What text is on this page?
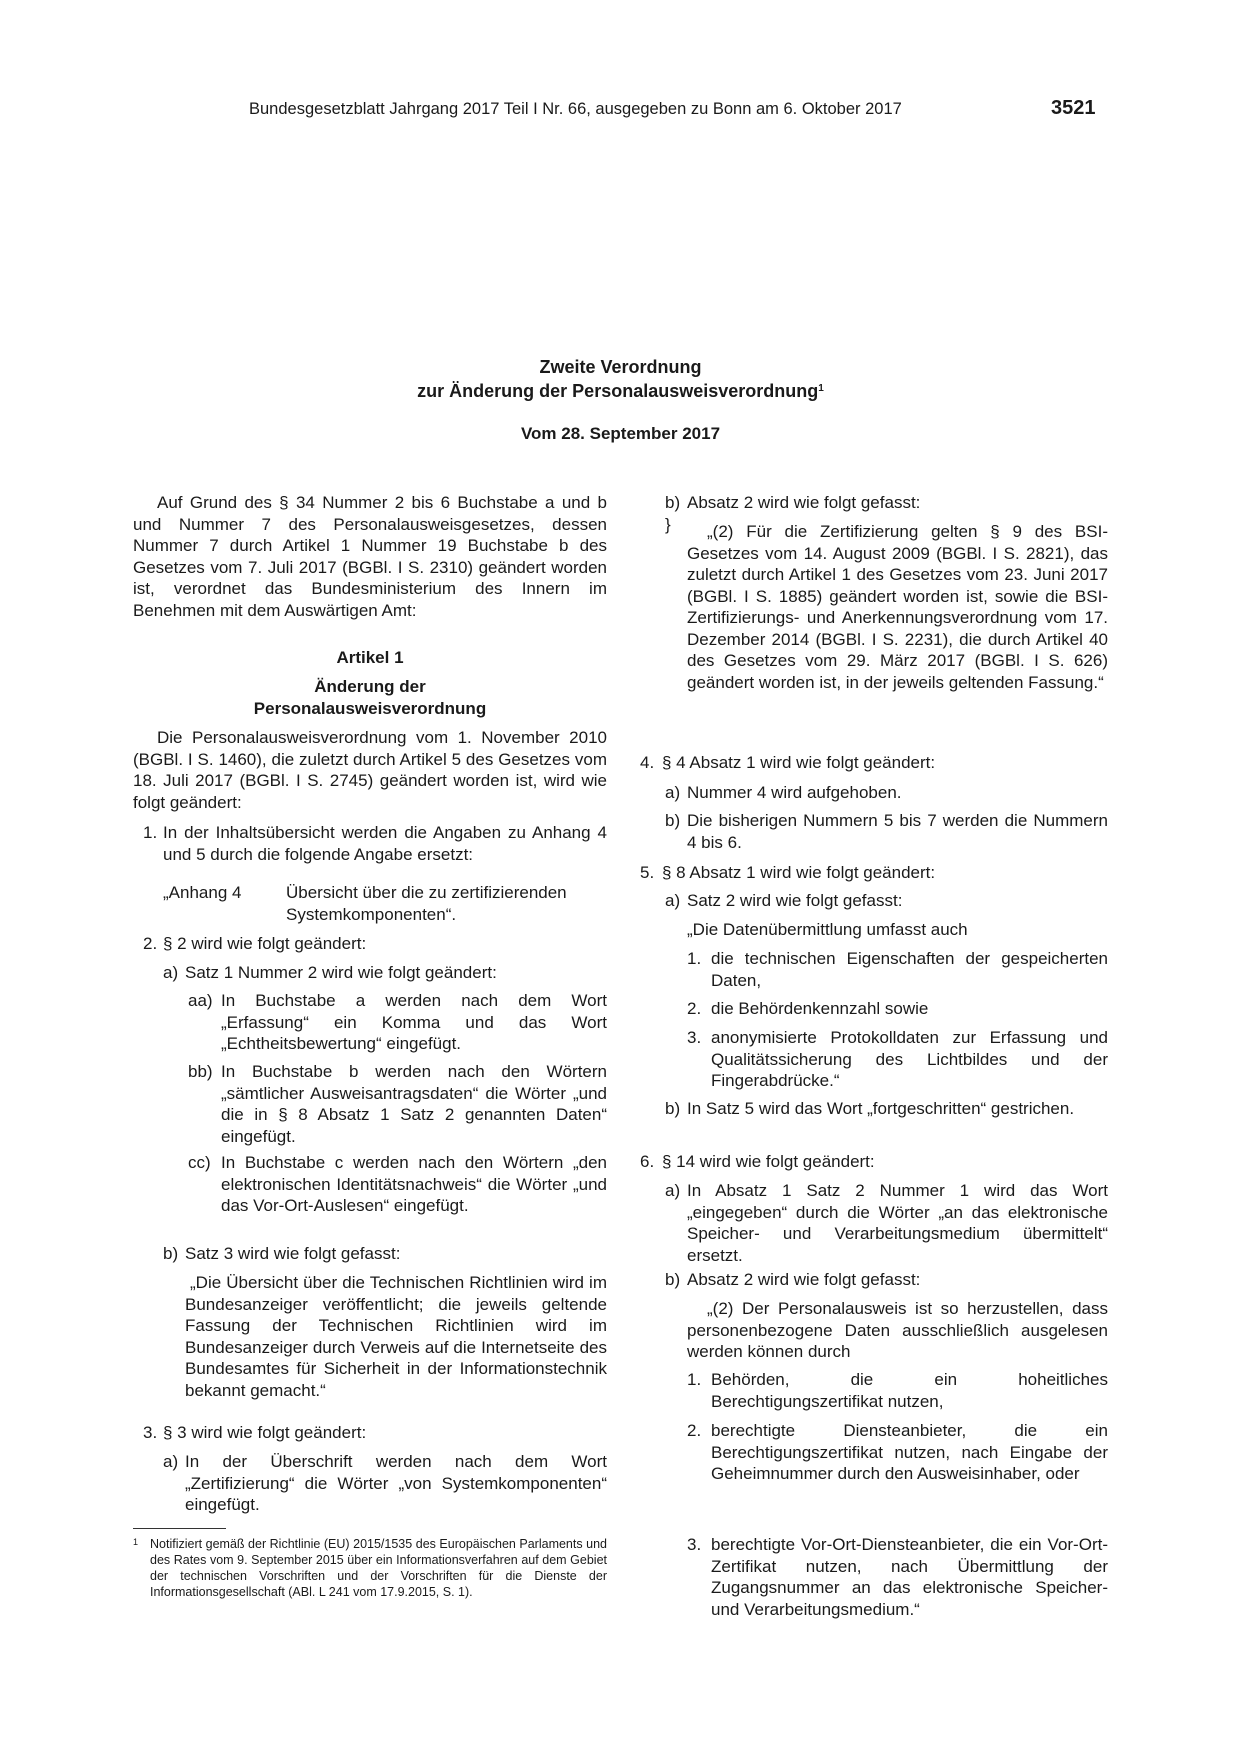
Bundesgesetzblatt Jahrgang 2017 Teil I Nr. 66, ausgegeben zu Bonn am 6. Oktober 2017	3521
Zweite Verordnung
zur Änderung der Personalausweisverordnung$^1$
Vom 28. September 2017

Auf Grund des § 34 Nummer 2 bis 6 Buchstabe a und b und Nummer 7 des Personalausweisgesetzes, dessen Nummer 7 durch Artikel 1 Nummer 19 Buchstabe b des Gesetzes vom 7. Juli 2017 (BGBl. I S. 2310) geändert worden ist, verordnet das Bundesministerium des Innern im Benehmen mit dem Auswärtigen Amt:

Artikel 1
Änderung der
Personalausweisverordnung

Die Personalausweisverordnung vom 1. November 2010 (BGBl. I S. 1460), die zuletzt durch Artikel 5 des Gesetzes vom 18. Juli 2017 (BGBl. I S. 2745) geändert worden ist, wird wie folgt geändert:

1. In der Inhaltsübersicht werden die Angaben zu Anhang 4 und 5 durch die folgende Angabe ersetzt:
„Anhang 4	Übersicht über die zu zertifizierenden Systemkomponenten“.
2. § 2 wird wie folgt geändert:
a) Satz 1 Nummer 2 wird wie folgt geändert:
aa) In Buchstabe a werden nach dem Wort „Erfassung“ ein Komma und das Wort „Echtheitsbewertung“ eingefügt.
bb) In Buchstabe b werden nach den Wörtern „sämtlicher Ausweisantragsdaten“ die Wörter „und die in § 8 Absatz 1 Satz 2 genannten Daten“ eingefügt.
cc) In Buchstabe c werden nach den Wörtern „den elektronischen Identitätsnachweis“ die Wörter „und das Vor-Ort-Auslesen“ eingefügt.
b) Satz 3 wird wie folgt gefasst:
„Die Übersicht über die Technischen Richtlinien wird im Bundesanzeiger veröffentlicht; die jeweils geltende Fassung der Technischen Richtlinien wird im Bundesanzeiger durch Verweis auf die Internetseite des Bundesamtes für Sicherheit in der Informationstechnik bekannt gemacht.“
3. § 3 wird wie folgt geändert:
a) In der Überschrift werden nach dem Wort „Zertifizierung“ die Wörter „von Systemkomponenten“ eingefügt.
1 Notifiziert gemäß der Richtlinie (EU) 2015/1535 des Europäischen Parlaments und des Rates vom 9. September 2015 über ein Informationsverfahren auf dem Gebiet der technischen Vorschriften und der Vorschriften für die Dienste der Informationsgesellschaft (ABl. L 241 vom 17.9.2015, S. 1).
b) Absatz 2 wird wie folgt gefasst:
}	„(2) Für die Zertifizierung gelten § 9 des BSI-Gesetzes vom 14. August 2009 (BGBl. I S. 2821), das zuletzt durch Artikel 1 des Gesetzes vom 23. Juni 2017 (BGBl. I S. 1885) geändert worden ist, sowie die BSI-Zertifizierungs- und Anerkennungsverordnung vom 17. Dezember 2014 (BGBl. I S. 2231), die durch Artikel 40 des Gesetzes vom 29. März 2017 (BGBl. I S. 626) geändert worden ist, in der jeweils geltenden Fassung.“
4. § 4 Absatz 1 wird wie folgt geändert:
a) Nummer 4 wird aufgehoben.
b) Die bisherigen Nummern 5 bis 7 werden die Nummern 4 bis 6.
5. § 8 Absatz 1 wird wie folgt geändert:
a) Satz 2 wird wie folgt gefasst:
„Die Datenübermittlung umfasst auch
1. die technischen Eigenschaften der gespeicherten Daten,
2. die Behördenkennzahl sowie
3. anonymisierte Protokolldaten zur Erfassung und Qualitätssicherung des Lichtbildes und der Fingerabdrücke.“
b) In Satz 5 wird das Wort „fortgeschritten“ gestrichen.
6. § 14 wird wie folgt geändert:
a) In Absatz 1 Satz 2 Nummer 1 wird das Wort „eingegeben“ durch die Wörter „an das elektronische Speicher- und Verarbeitungsmedium übermittelt“ ersetzt.
b) Absatz 2 wird wie folgt gefasst:
„(2) Der Personalausweis ist so herzustellen, dass personenbezogene Daten ausschließlich ausgelesen werden können durch
1. Behörden, die ein hoheitliches Berechtigungszertifikat nutzen,
2. berechtigte Diensteanbieter, die ein Berechtigungszertifikat nutzen, nach Eingabe der Geheimnummer durch den Ausweisinhaber, oder
3. berechtigte Vor-Ort-Diensteanbieter, die ein Vor-Ort-Zertifikat nutzen, nach Übermittlung der Zugangsnummer an das elektronische Speicher- und Verarbeitungsmedium.“
